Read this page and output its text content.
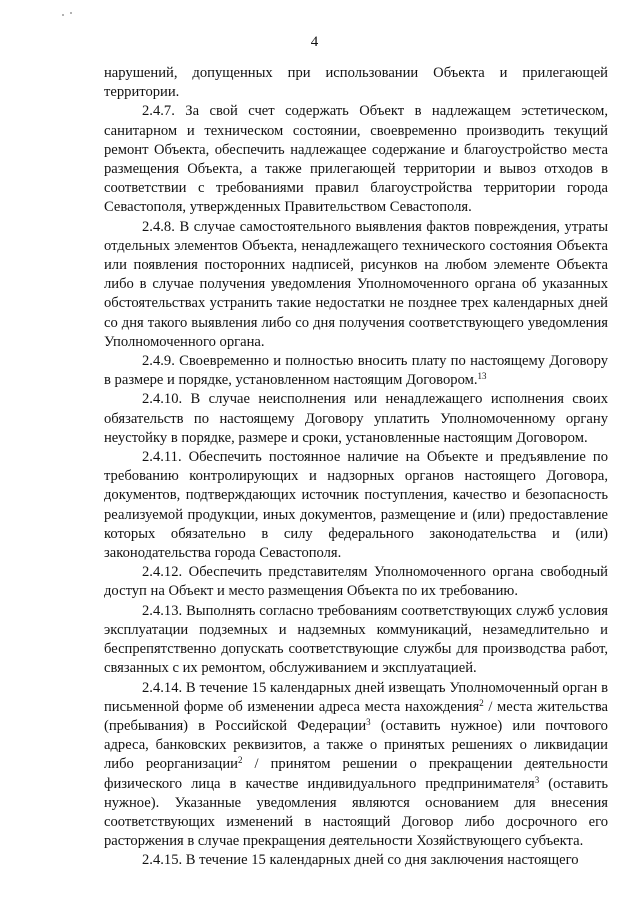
4

нарушений, допущенных при использовании Объекта и прилегающей территории.

2.4.7. За свой счет содержать Объект в надлежащем эстетическом, санитарном и техническом состоянии, своевременно производить текущий ремонт Объекта, обеспечить надлежащее содержание и благоустройство места размещения Объекта, а также прилегающей территории и вывоз отходов в соответствии с требованиями правил благоустройства территории города Севастополя, утвержденных Правительством Севастополя.

2.4.8. В случае самостоятельного выявления фактов повреждения, утраты отдельных элементов Объекта, ненадлежащего технического состояния Объекта или появления посторонних надписей, рисунков на любом элементе Объекта либо в случае получения уведомления Уполномоченного органа об указанных обстоятельствах устранить такие недостатки не позднее трех календарных дней со дня такого выявления либо со дня получения соответствующего уведомления Уполномоченного органа.

2.4.9. Своевременно и полностью вносить плату по настоящему Договору в размере и порядке, установленном настоящим Договором.$^{13}$

2.4.10. В случае неисполнения или ненадлежащего исполнения своих обязательств по настоящему Договору уплатить Уполномоченному органу неустойку в порядке, размере и сроки, установленные настоящим Договором.

2.4.11. Обеспечить постоянное наличие на Объекте и предъявление по требованию контролирующих и надзорных органов настоящего Договора, документов, подтверждающих источник поступления, качество и безопасность реализуемой продукции, иных документов, размещение и (или) предоставление которых обязательно в силу федерального законодательства и (или) законодательства города Севастополя.

2.4.12. Обеспечить представителям Уполномоченного органа свободный доступ на Объект и место размещения Объекта по их требованию.

2.4.13. Выполнять согласно требованиям соответствующих служб условия эксплуатации подземных и надземных коммуникаций, незамедлительно и беспрепятственно допускать соответствующие службы для производства работ, связанных с их ремонтом, обслуживанием и эксплуатацией.

2.4.14. В течение 15 календарных дней извещать Уполномоченный орган в письменной форме об изменении адреса места нахождения$^2$ / места жительства (пребывания) в Российской Федерации$^3$ (оставить нужное) или почтового адреса, банковских реквизитов, а также о принятых решениях о ликвидации либо реорганизации$^2$ / принятом решении о прекращении деятельности физического лица в качестве индивидуального предпринимателя$^3$ (оставить нужное). Указанные уведомления являются основанием для внесения соответствующих изменений в настоящий Договор либо досрочного его расторжения в случае прекращения деятельности Хозяйствующего субъекта.

2.4.15. В течение 15 календарных дней со дня заключения настоящего
